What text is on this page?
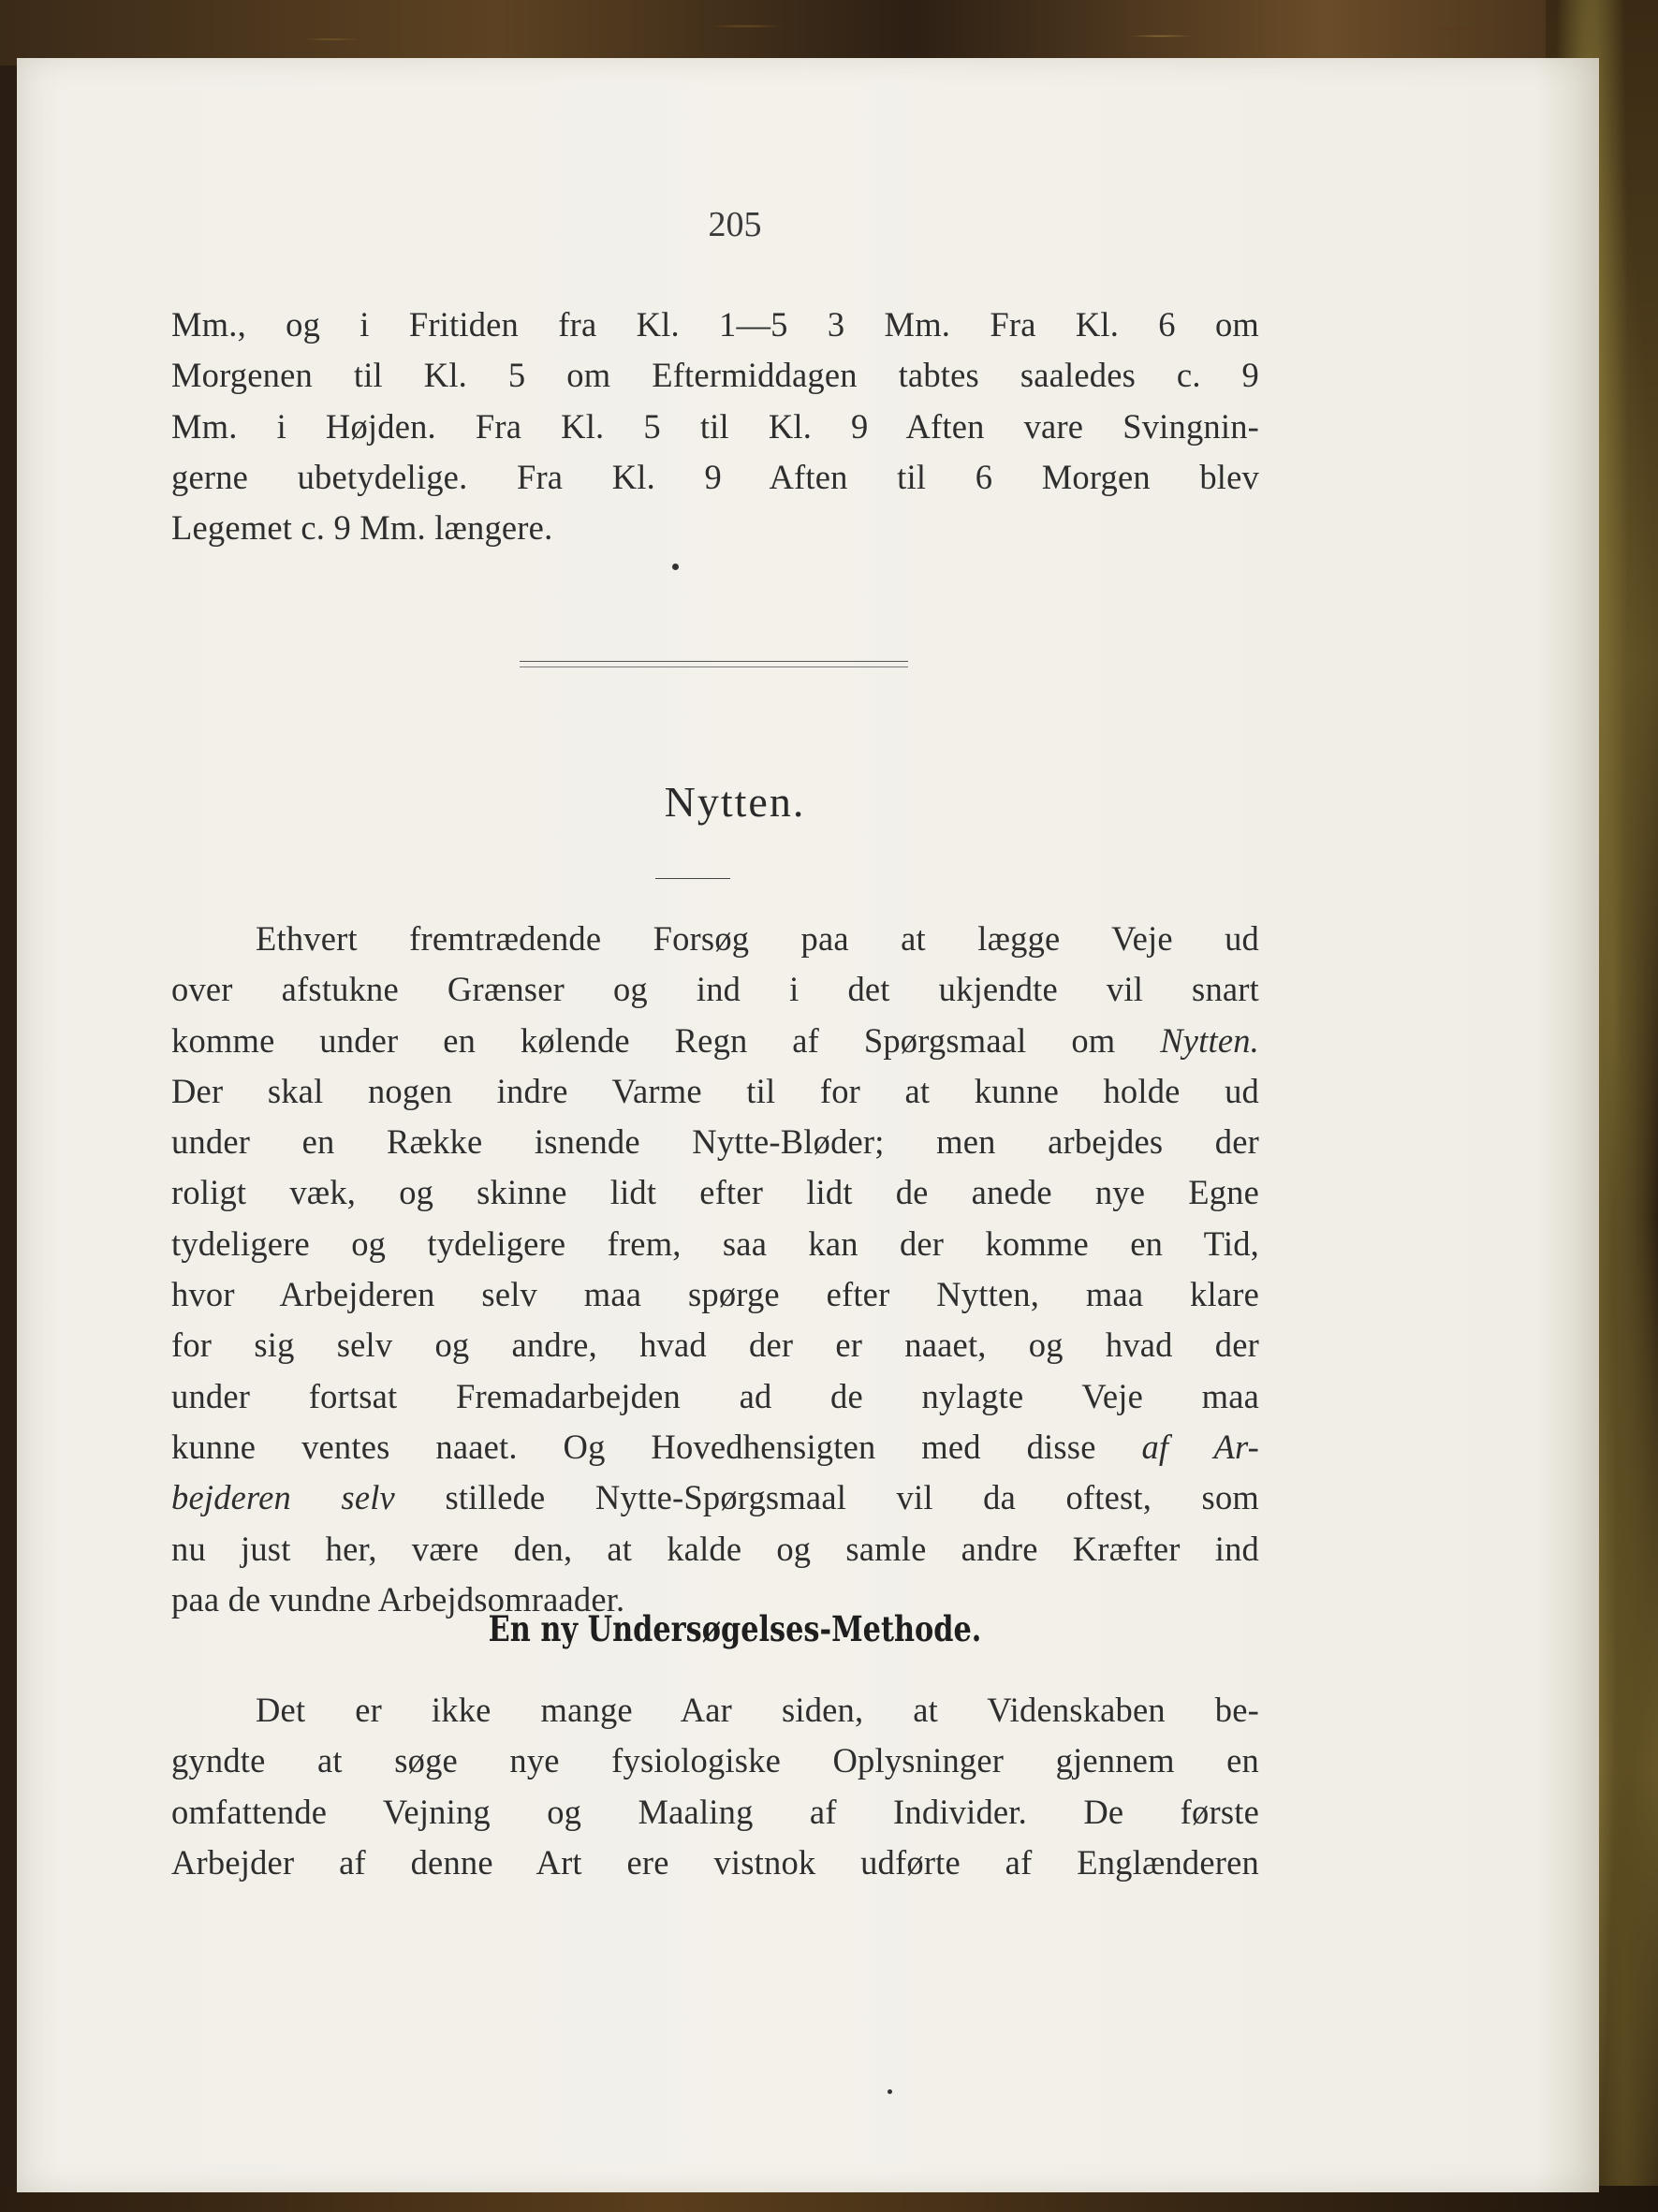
205
Mm., og i Fritiden fra Kl. 1—5 3 Mm. Fra Kl. 6 om
Morgenen til Kl. 5 om Eftermiddagen tabtes saaledes c. 9
Mm. i Højden. Fra Kl. 5 til Kl. 9 Aften vare Svingnin-
gerne ubetydelige. Fra Kl. 9 Aften til 6 Morgen blev
Legemet c. 9 Mm. længere.
Nytten.
Ethvert fremtrædende Forsøg paa at lægge Veje ud
over afstukne Grænser og ind i det ukjendte vil snart
komme under en kølende Regn af Spørgsmaal om Nytten.
Der skal nogen indre Varme til for at kunne holde ud
under en Række isnende Nytte-Bløder; men arbejdes der
roligt væk, og skinne lidt efter lidt de anede nye Egne
tydeligere og tydeligere frem, saa kan der komme en Tid,
hvor Arbejderen selv maa spørge efter Nytten, maa klare
for sig selv og andre, hvad der er naaet, og hvad der
under fortsat Fremadarbejden ad de nylagte Veje maa
kunne ventes naaet. Og Hovedhensigten med disse af Ar-
bejderen selv stillede Nytte-Spørgsmaal vil da oftest, som
nu just her, være den, at kalde og samle andre Kræfter ind
paa de vundne Arbejdsomraader.
En ny Undersøgelses-Methode.
Det er ikke mange Aar siden, at Videnskaben be-
gyndte at søge nye fysiologiske Oplysninger gjennem en
omfattende Vejning og Maaling af Individer. De første
Arbejder af denne Art ere vistnok udførte af Englænderen
